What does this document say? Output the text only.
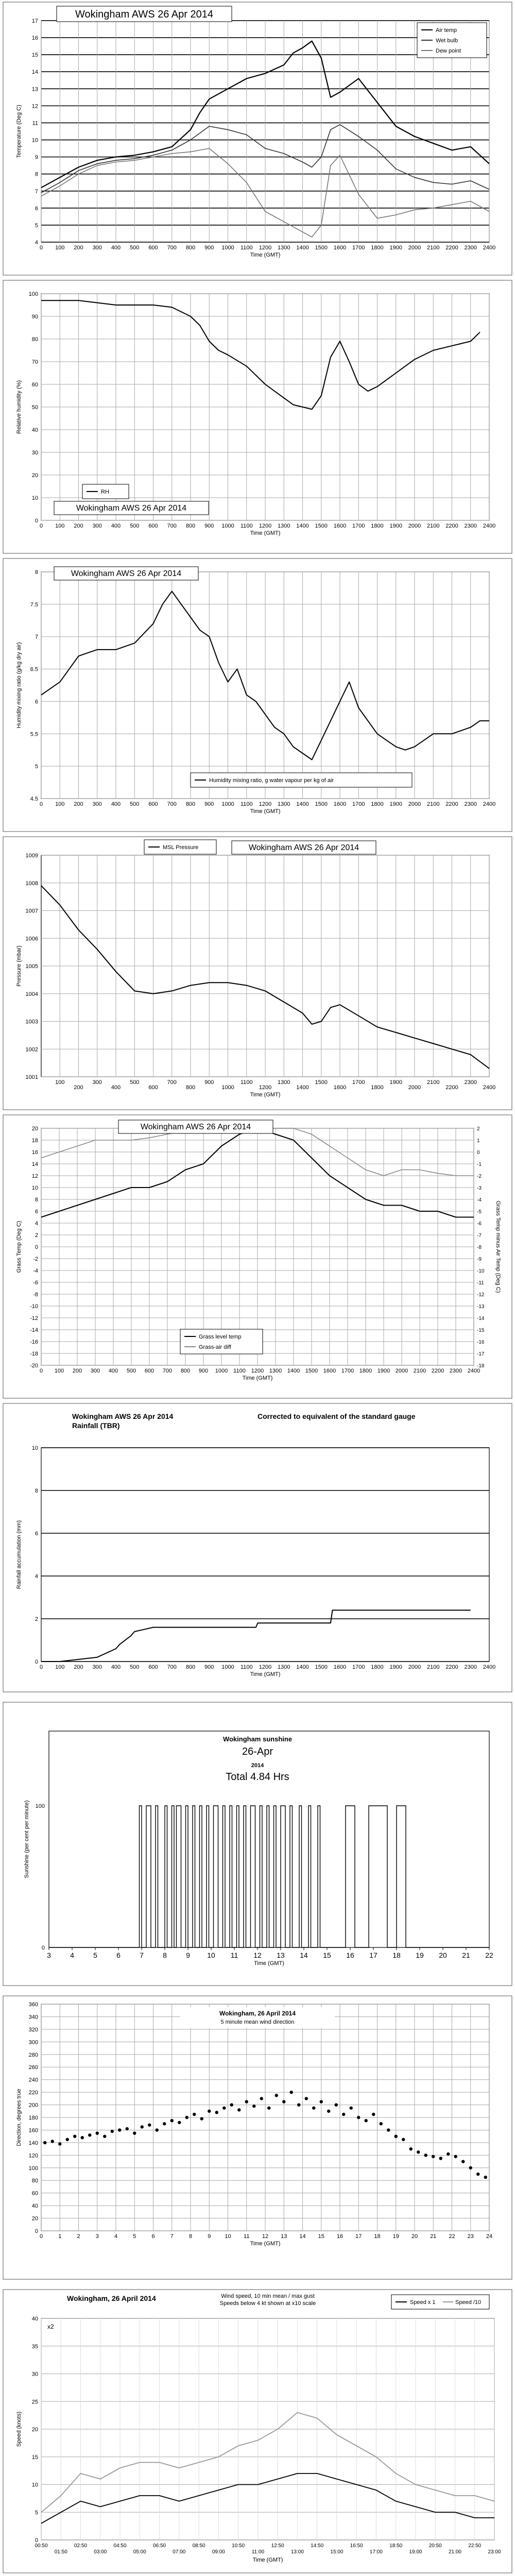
4
5
6
7
8
9
10
11
12
13
14
15
16
17
0 100 200 300 400 500 600 700 800 900 1000 1100 1200 1300 1400 1500 1600 1700 1800 1900 2000 2100 2200 2300 2400
Time (GMT)
Temperature (Deg C)
Wokingham AWS 26 Apr 2014
Air temp
Wet bulb
Dew point
0
10
20
30
40
50
60
70
80
90
100
0 100 200 300 400 500 600 700 800 900 1000 1100 1200 1300 1400 1500 1600 1700 1800 1900 2000 2100 2200 2300 2400
Time (GMT)
Relative humidity (%)
RH
Wokingham AWS 26 Apr 2014
4.5
5
5.5
6
6.5
7
7.5
8
0 100 200 300 400 500 600 700 800 900 1000 1100 1200 1300 1400 1500 1600 1700 1800 1900 2000 2100 2200 2300 2400
Time (GMT)
Humidity mixing ratio (g/kg dry air)
Wokingham AWS 26 Apr 2014
Humidity mixing ratio, g water vapour per kg of air
1001
1002
1003
1004
1005
1006
1007
1008
1009
100
200
300
400
500
600
700
800
900
1000
1100
1200
1300
1400
1500
1600
1700
1800
1900
2000
2100
2200
2300
2400
Time (GMT)
Pressure (mbar)
MSL Pressure	Wokingham AWS 26 Apr 2014
-20
-18
-16
-14
-12
-10
-8
-6
-4
-2
0
2
4
6
8
10
12
14
16
18
20
0 100 200 300 400 500 600 700 800 900 1000 1100 1200 1300 1400 1500 1600 1700 1800 1900 2000 2100 2200 2300 2400
Time (GMT)
Grass Temp (Deg C)
-18
-17
-16
-15
-14
-13
-12
-11
-10
-9
-8
-7
-6
-5
-4
-3
-2
-1
0
1
2
Grass Temp minus Air Temp (Deg C)
Wokingham AWS 26 Apr 2014
Grass level temp
Grass-air diff
0
2
4
6
8
10
0 100 200 300 400 500 600 700 800 900 1000 1100 1200 1300 1400 1500 1600 1700 1800 1900 2000 2100 2200 2300 2400
Time (GMT)
Rainfall accumulation (mm)
Wokingham AWS 26 Apr 2014
Rainfall (TBR)
Corrected to equivalent of the standard gauge
0
100
3	4	5	6	7	8	9 10 11 12 13 14 15 16 17 18 19 20 21 22
Time (GMT)
Sunshine (per cent per minute)
Wokingham sunshine
26-Apr
2014
Total 4.84 Hrs
0
20
40
60
80
100
120
140
160
180
200
220
240
260
280
300
320
340
360
0	1	2	3	4	5	6	7	8	9 10 11 12 13 14 15 16 17 18 19 20 21 22 23 24
Time (GMT)
Direction, degrees true
Wokingham, 26 April 2014
5 minute mean wind direction
0
5
10
15
20
25
30
35
40
00:50
01:50
02:50
03:00
04:50
05:00
06:50
07:00
08:50
09:00
10:50
11:00
12:50
13:00
14:50
15:00
16:50
17:00
18:50
19:00
20:50
21:00
22:50
23:00
Time (GMT)
Speed (knots)
x2
Wokingham, 26 April 2014	Wind speed, 10 min mean / max gust
Speeds below 4 kt shown at x10 scale	Speed x 1	Speed /10
